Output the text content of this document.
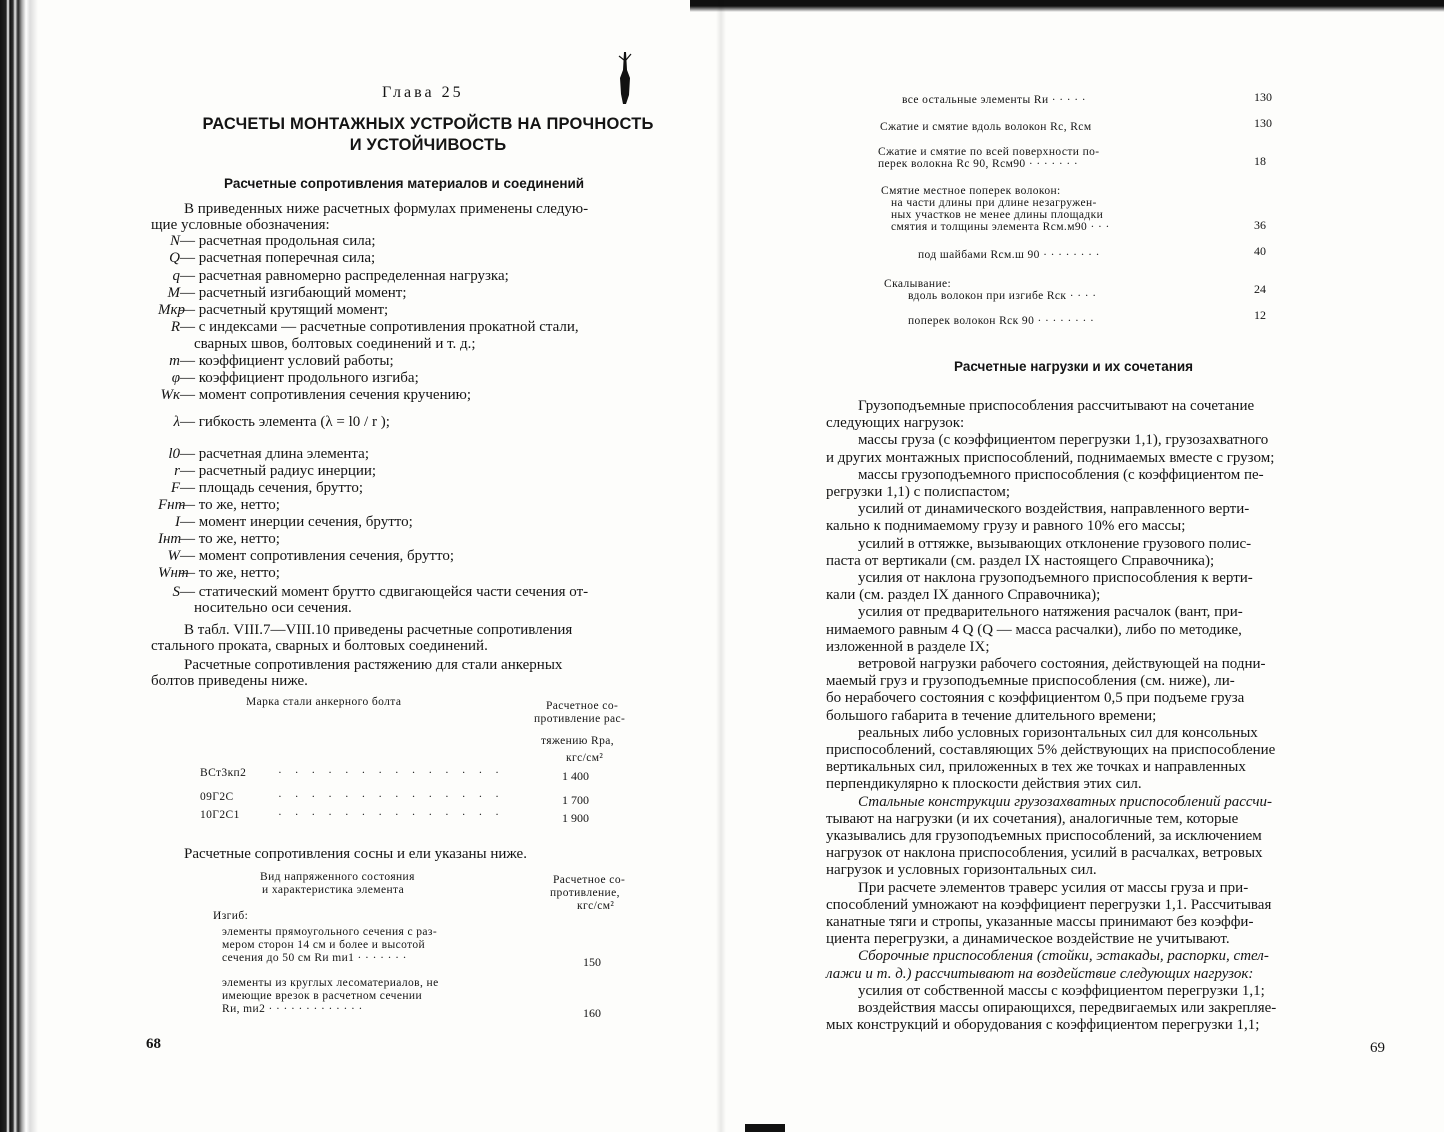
Глава 25
РАСЧЕТЫ МОНТАЖНЫХ УСТРОЙСТВ НА ПРОЧНОСТЬ
И УСТОЙЧИВОСТЬ
Расчетные сопротивления материалов и соединений
В приведенных ниже расчетных формулах применены следую-
щие условные обозначения:
N— расчетная продольная сила;
Q— расчетная поперечная сила;
q— расчетная равномерно распределенная нагрузка;
M— расчетный изгибающий момент;
Mкр— расчетный крутящий момент;
R— с индексами — расчетные сопротивления прокатной стали,
сварных швов, болтовых соединений и т. д.;
m— коэффициент условий работы;
φ— коэффициент продольного изгиба;
Wк— момент сопротивления сечения кручению;
λ— гибкость элемента (λ = l0 / r );
l0— расчетная длина элемента;
r— расчетный радиус инерции;
F— площадь сечения, брутто;
Fнт— то же, нетто;
I— момент инерции сечения, брутто;
Iнт— то же, нетто;
W— момент сопротивления сечения, брутто;
Wнт— то же, нетто;
S— статический момент брутто сдвигающейся части сечения от-
носительно оси сечения.
В табл. VIII.7—VIII.10 приведены расчетные сопротивления
стального проката, сварных и болтовых соединений.
Расчетные сопротивления растяжению для стали анкерных
болтов приведены ниже.
Марка стали анкерного болта	Расчетное со-
противление рас-
тяжению Rрa,
кгс/см²
ВСт3кп2	· · · · · · · · · · · · · ·	1 400
09Г2С	· · · · · · · · · · · · · ·	1 700
10Г2С1	· · · · · · · · · · · · · ·	1 900
Расчетные сопротивления сосны и ели указаны ниже.
Вид напряженного состояния
и характеристика элемента
Расчетное со-
противление,
кгс/см²
Изгиб:
элементы прямоугольного сечения с раз-
мером сторон 14 см и более и высотой
сечения до 50 см Rи mи1 · · · · · · ·	150
элементы из круглых лесоматериалов, не
имеющие врезок в расчетном сечении
Rи, mи2 · · · · · · · · · · · · ·	160
68
все остальные элементы Rи · · · · ·	130
Сжатие и смятие вдоль волокон Rс, Rсм	130
Сжатие и смятие по всей поверхности по-
перек волокна Rс 90, Rсм90 · · · · · · ·	18
Смятие местное поперек волокон:
на части длины при длине незагружен-
ных участков не менее длины площадки
смятия и толщины элемента Rсм.м90 · · ·	36
под шайбами Rсм.ш 90 · · · · · · · ·	40
Скалывание:
вдоль волокон при изгибе Rск · · · ·	24
поперек волокон Rск 90 · · · · · · · ·	12
Расчетные нагрузки и их сочетания
Грузоподъемные приспособления рассчитывают на сочетание
следующих нагрузок:
массы груза (с коэффициентом перегрузки 1,1), грузозахватного
и других монтажных приспособлений, поднимаемых вместе с грузом;
массы грузоподъемного приспособления (с коэффициентом пе-
регрузки 1,1) с полиспастом;
усилий от динамического воздействия, направленного верти-
кально к поднимаемому грузу и равного 10% его массы;
усилий в оттяжке, вызывающих отклонение грузового полис-
паста от вертикали (см. раздел IX настоящего Справочника);
усилия от наклона грузоподъемного приспособления к верти-
кали (см. раздел IX данного Справочника);
усилия от предварительного натяжения расчалок (вант, при-
нимаемого равным 4 Q (Q — масса расчалки), либо по методике,
изложенной в разделе IX;
ветровой нагрузки рабочего состояния, действующей на подни-
маемый груз и грузоподъемные приспособления (см. ниже), ли-
бо нерабочего состояния с коэффициентом 0,5 при подъеме груза
большого габарита в течение длительного времени;
реальных либо условных горизонтальных сил для консольных
приспособлений, составляющих 5% действующих на приспособление
вертикальных сил, приложенных в тех же точках и направленных
перпендикулярно к плоскости действия этих сил.
Стальные конструкции грузозахватных приспособлений рассчи-
тывают на нагрузки (и их сочетания), аналогичные тем, которые
указывались для грузоподъемных приспособлений, за исключением
нагрузок от наклона приспособления, усилий в расчалках, ветровых
нагрузок и условных горизонтальных сил.
При расчете элементов траверс усилия от массы груза и при-
способлений умножают на коэффициент перегрузки 1,1. Рассчитывая
канатные тяги и стропы, указанные массы принимают без коэффи-
циента перегрузки, а динамическое воздействие не учитывают.
Сборочные приспособления (стойки, эстакады, распорки, стел-
лажи и т. д.) рассчитывают на воздействие следующих нагрузок:
усилия от собственной массы с коэффициентом перегрузки 1,1;
воздействия массы опирающихся, передвигаемых или закрепляе-
мых конструкций и оборудования с коэффициентом перегрузки 1,1;
69
